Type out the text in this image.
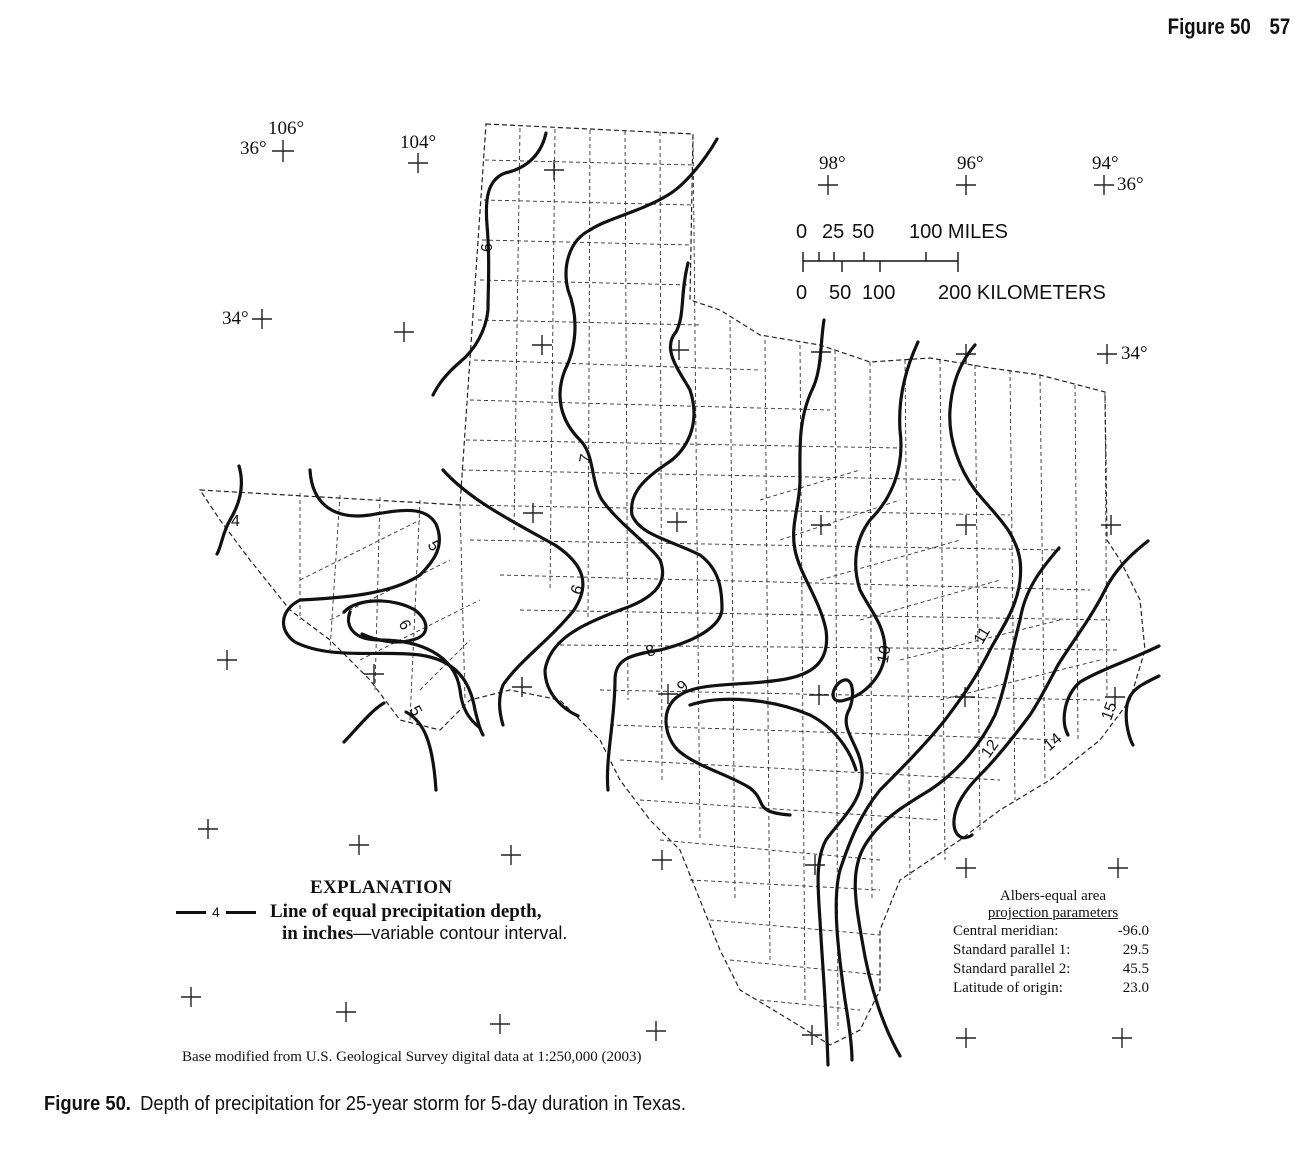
Figure 50 57
106°
104°
98°	96°	94°
36°
34°
36°
34°
0 25 50 100 MILES
0 50 100 200 KILOMETERS
4
5
6
5
6
6
7
8
9
10
11
12 14
15
EXPLANATION
4	Line of equal precipitation depth,
in inches—variable contour interval.
Albers-equal area
projection parameters
Central meridian:	-96.0
Standard parallel 1:	29.5
Standard parallel 2:	45.5
Latitude of origin:	23.0
Base modified from U.S. Geological Survey digital data at 1:250,000 (2003)
Figure 50. Depth of precipitation for 25-year storm for 5-day duration in Texas.
